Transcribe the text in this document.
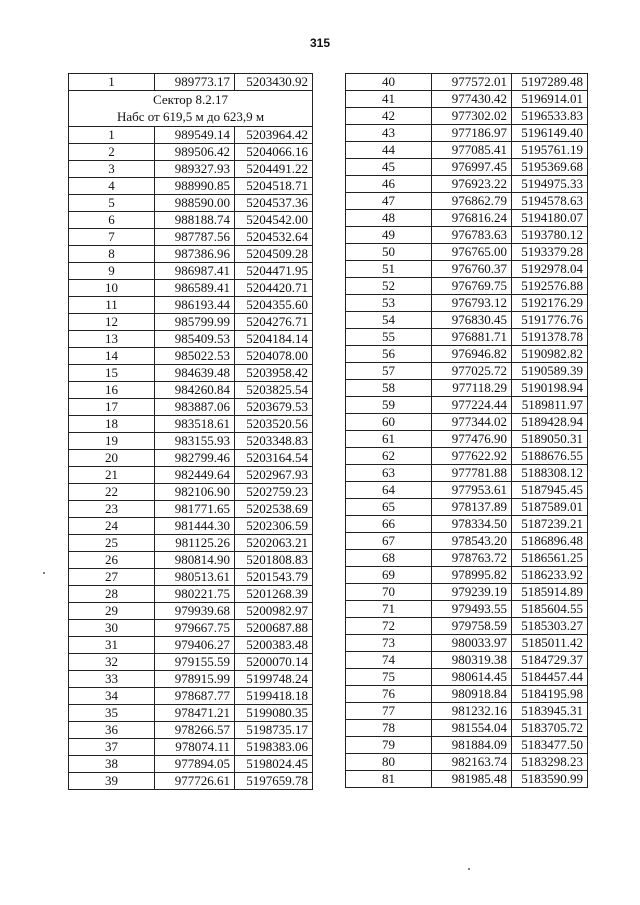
315
1	989773.17	5203430.92
Сектор 8.2.17		
Набс от 619,5 м до 623,9 м		
1	989549.14	5203964.42
2	989506.42	5204066.16
3	989327.93	5204491.22
4	988990.85	5204518.71
5	988590.00	5204537.36
6	988188.74	5204542.00
7	987787.56	5204532.64
8	987386.96	5204509.28
9	986987.41	5204471.95
10	986589.41	5204420.71
11	986193.44	5204355.60
12	985799.99	5204276.71
13	985409.53	5204184.14
14	985022.53	5204078.00
15	984639.48	5203958.42
16	984260.84	5203825.54
17	983887.06	5203679.53
18	983518.61	5203520.56
19	983155.93	5203348.83
20	982799.46	5203164.54
21	982449.64	5202967.93
22	982106.90	5202759.23
23	981771.65	5202538.69
24	981444.30	5202306.59
25	981125.26	5202063.21
26	980814.90	5201808.83
27	980513.61	5201543.79
28	980221.75	5201268.39
29	979939.68	5200982.97
30	979667.75	5200687.88
31	979406.27	5200383.48
32	979155.59	5200070.14
33	978915.99	5199748.24
34	978687.77	5199418.18
35	978471.21	5199080.35
36	978266.57	5198735.17
37	978074.11	5198383.06
38	977894.05	5198024.45
39	977726.61	5197659.78
40	977572.01	5197289.48
41	977430.42	5196914.01
42	977302.02	5196533.83
43	977186.97	5196149.40
44	977085.41	5195761.19
45	976997.45	5195369.68
46	976923.22	5194975.33
47	976862.79	5194578.63
48	976816.24	5194180.07
49	976783.63	5193780.12
50	976765.00	5193379.28
51	976760.37	5192978.04
52	976769.75	5192576.88
53	976793.12	5192176.29
54	976830.45	5191776.76
55	976881.71	5191378.78
56	976946.82	5190982.82
57	977025.72	5190589.39
58	977118.29	5190198.94
59	977224.44	5189811.97
60	977344.02	5189428.94
61	977476.90	5189050.31
62	977622.92	5188676.55
63	977781.88	5188308.12
64	977953.61	5187945.45
65	978137.89	5187589.01
66	978334.50	5187239.21
67	978543.20	5186896.48
68	978763.72	5186561.25
69	978995.82	5186233.92
70	979239.19	5185914.89
71	979493.55	5185604.55
72	979758.59	5185303.27
73	980033.97	5185011.42
74	980319.38	5184729.37
75	980614.45	5184457.44
76	980918.84	5184195.98
77	981232.16	5183945.31
78	981554.04	5183705.72
79	981884.09	5183477.50
80	982163.74	5183298.23
81	981985.48	5183590.99
